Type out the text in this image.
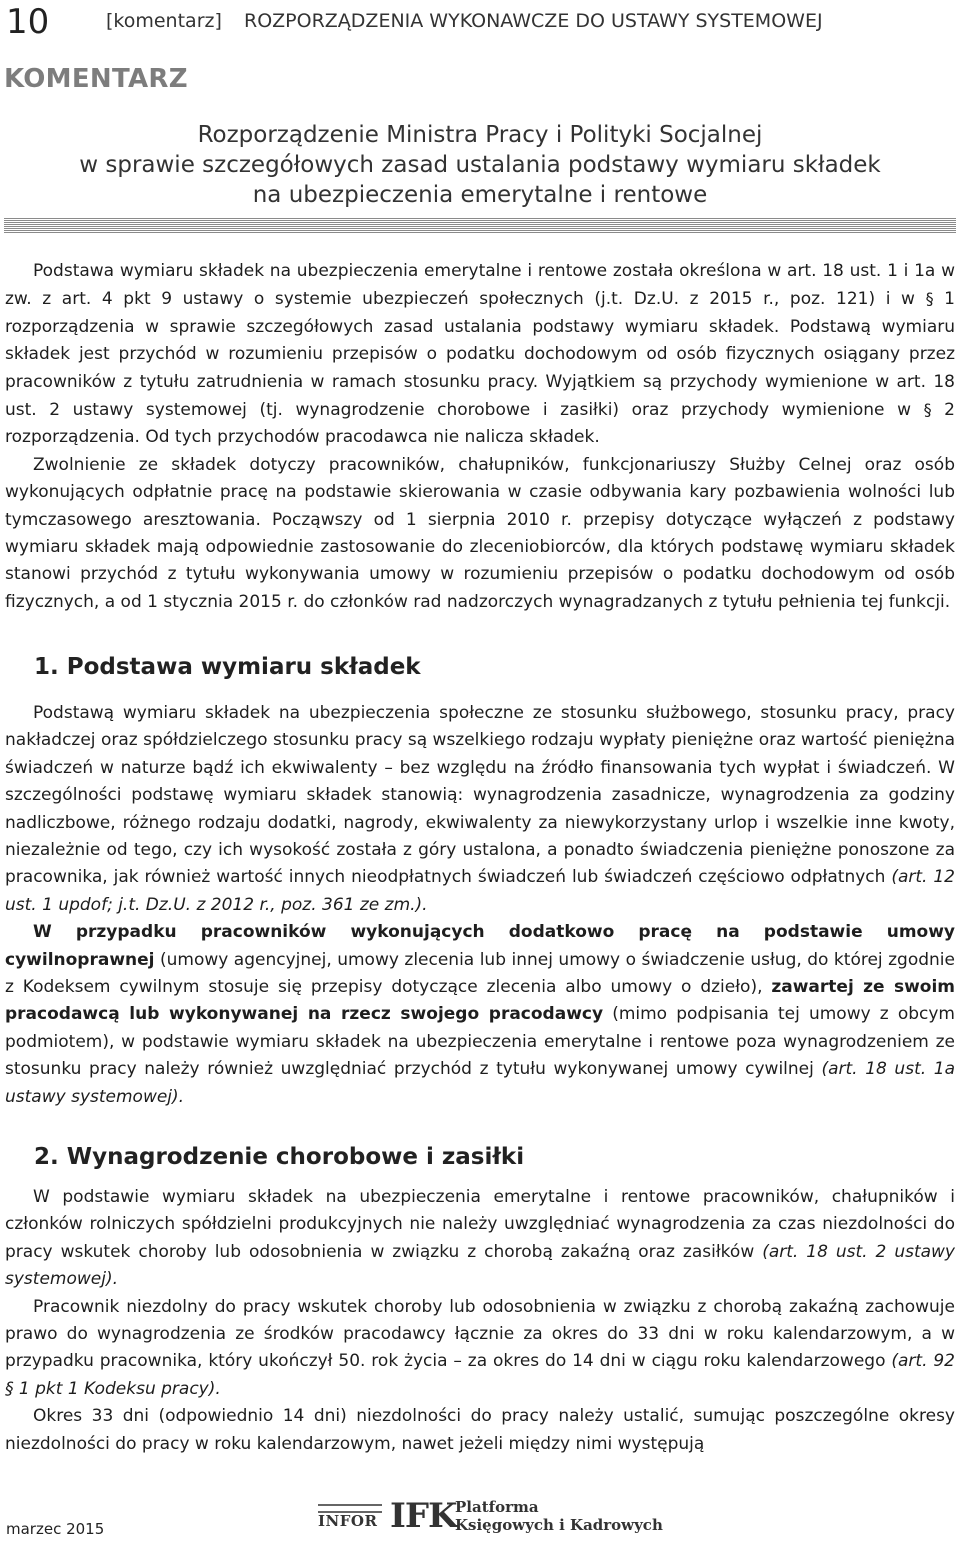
10	[komentarz] ROZPORZĄDZENIA WYKONAWCZE DO USTAWY SYSTEMOWEJ
KOMENTARZ
Rozporządzenie Ministra Pracy i Polityki Socjalnej
w sprawie szczegółowych zasad ustalania podstawy wymiaru składek
na ubezpieczenia emerytalne i rentowe

Podstawa wymiaru składek na ubezpieczenia emerytalne i rentowe została określona w art. 18 ust. 1 i 1a w zw. z art. 4 pkt 9 ustawy o systemie ubezpieczeń społecznych (j.t. Dz.U. z 2015 r., poz. 121) i w § 1 rozporządzenia w sprawie szczegółowych zasad ustalania podstawy wymiaru składek. Podstawą wymiaru składek jest przychód w rozumieniu przepisów o podatku dochodowym od osób fizycznych osiągany przez pracowników z tytułu zatrudnienia w ramach stosunku pracy. Wyjątkiem są przychody wymienione w art. 18 ust. 2 ustawy systemowej (tj. wynagrodzenie chorobowe i zasiłki) oraz przychody wymienione w § 2 rozporządzenia. Od tych przychodów pracodawca nie nalicza składek.

Zwolnienie ze składek dotyczy pracowników, chałupników, funkcjonariuszy Służby Celnej oraz osób wykonujących odpłatnie pracę na podstawie skierowania w czasie odbywania kary pozbawienia wolności lub tymczasowego aresztowania. Począwszy od 1 sierpnia 2010 r. przepisy dotyczące wyłączeń z podstawy wymiaru składek mają odpowiednie zastosowanie do zleceniobiorców, dla których podstawę wymiaru składek stanowi przychód z tytułu wykonywania umowy w rozumieniu przepisów o podatku dochodowym od osób fizycznych, a od 1 stycznia 2015 r. do członków rad nadzorczych wynagradzanych z tytułu pełnienia tej funkcji.

1. Podstawa wymiaru składek

Podstawą wymiaru składek na ubezpieczenia społeczne ze stosunku służbowego, stosunku pracy, pracy nakładczej oraz spółdzielczego stosunku pracy są wszelkiego rodzaju wypłaty pieniężne oraz wartość pieniężna świadczeń w naturze bądź ich ekwiwalenty – bez względu na źródło finansowania tych wypłat i świadczeń. W szczególności podstawę wymiaru składek stanowią: wynagrodzenia zasadnicze, wynagrodzenia za godziny nadliczbowe, różnego rodzaju dodatki, nagrody, ekwiwalenty za niewykorzystany urlop i wszelkie inne kwoty, niezależnie od tego, czy ich wysokość została z góry ustalona, a ponadto świadczenia pieniężne ponoszone za pracownika, jak również wartość innych nieodpłatnych świadczeń lub świadczeń częściowo odpłatnych (art. 12 ust. 1 updof; j.t. Dz.U. z 2012 r., poz. 361 ze zm.).

W przypadku pracowników wykonujących dodatkowo pracę na podstawie umowy cywilnoprawnej (umowy agencyjnej, umowy zlecenia lub innej umowy o świadczenie usług, do której zgodnie z Kodeksem cywilnym stosuje się przepisy dotyczące zlecenia albo umowy o dzieło), zawartej ze swoim pracodawcą lub wykonywanej na rzecz swojego pracodawcy (mimo podpisania tej umowy z obcym podmiotem), w podstawie wymiaru składek na ubezpieczenia emerytalne i rentowe poza wynagrodzeniem ze stosunku pracy należy również uwzględniać przychód z tytułu wykonywanej umowy cywilnej (art. 18 ust. 1a ustawy systemowej).

2. Wynagrodzenie chorobowe i zasiłki

W podstawie wymiaru składek na ubezpieczenia emerytalne i rentowe pracowników, chałupników i członków rolniczych spółdzielni produkcyjnych nie należy uwzględniać wynagrodzenia za czas niezdolności do pracy wskutek choroby lub odosobnienia w związku z chorobą zakaźną oraz zasiłków (art. 18 ust. 2 ustawy systemowej).

Pracownik niezdolny do pracy wskutek choroby lub odosobnienia w związku z chorobą zakaźną zachowuje prawo do wynagrodzenia ze środków pracodawcy łącznie za okres do 33 dni w roku kalendarzowym, a w przypadku pracownika, który ukończył 50. rok życia – za okres do 14 dni w ciągu roku kalendarzowego (art. 92 § 1 pkt 1 Kodeksu pracy).

Okres 33 dni (odpowiednio 14 dni) niezdolności do pracy należy ustalić, sumując poszczególne okresy niezdolności do pracy w roku kalendarzowym, nawet jeżeli między nimi występują

marzec 2015	INFOR IFK
Platforma
Księgowych i Kadrowych
